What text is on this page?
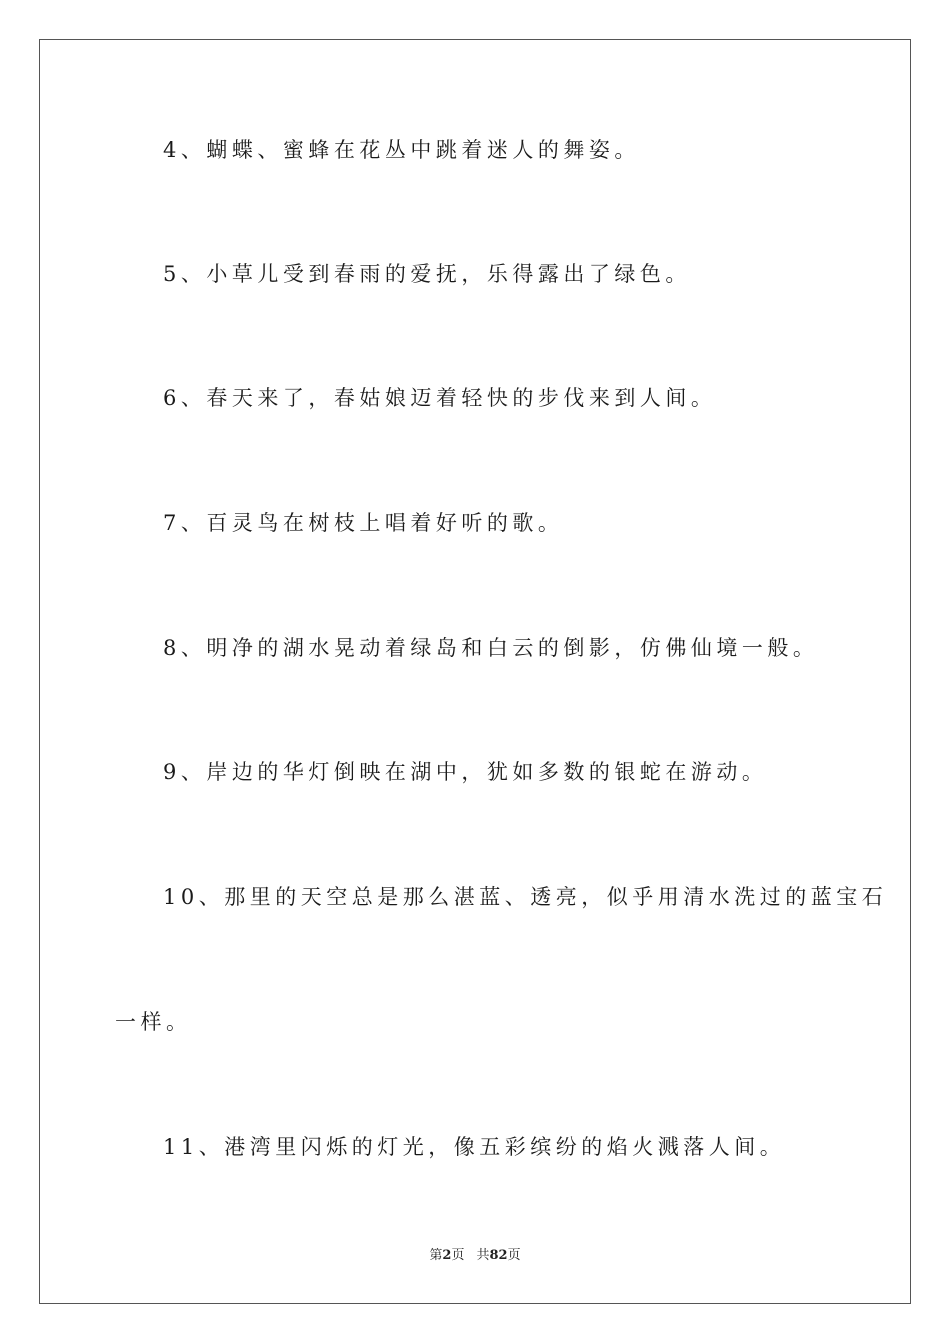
4、蝴蝶、蜜蜂在花丛中跳着迷人的舞姿。
5、小草儿受到春雨的爱抚，乐得露出了绿色。
6、春天来了，春姑娘迈着轻快的步伐来到人间。
7、百灵鸟在树枝上唱着好听的歌。
8、明净的湖水晃动着绿岛和白云的倒影，仿佛仙境一般。
9、岸边的华灯倒映在湖中，犹如多数的银蛇在游动。
10、那里的天空总是那么湛蓝、透亮，似乎用清水洗过的蓝宝石
一样。
11、港湾里闪烁的灯光，像五彩缤纷的焰火溅落人间。
第2页 共82页
